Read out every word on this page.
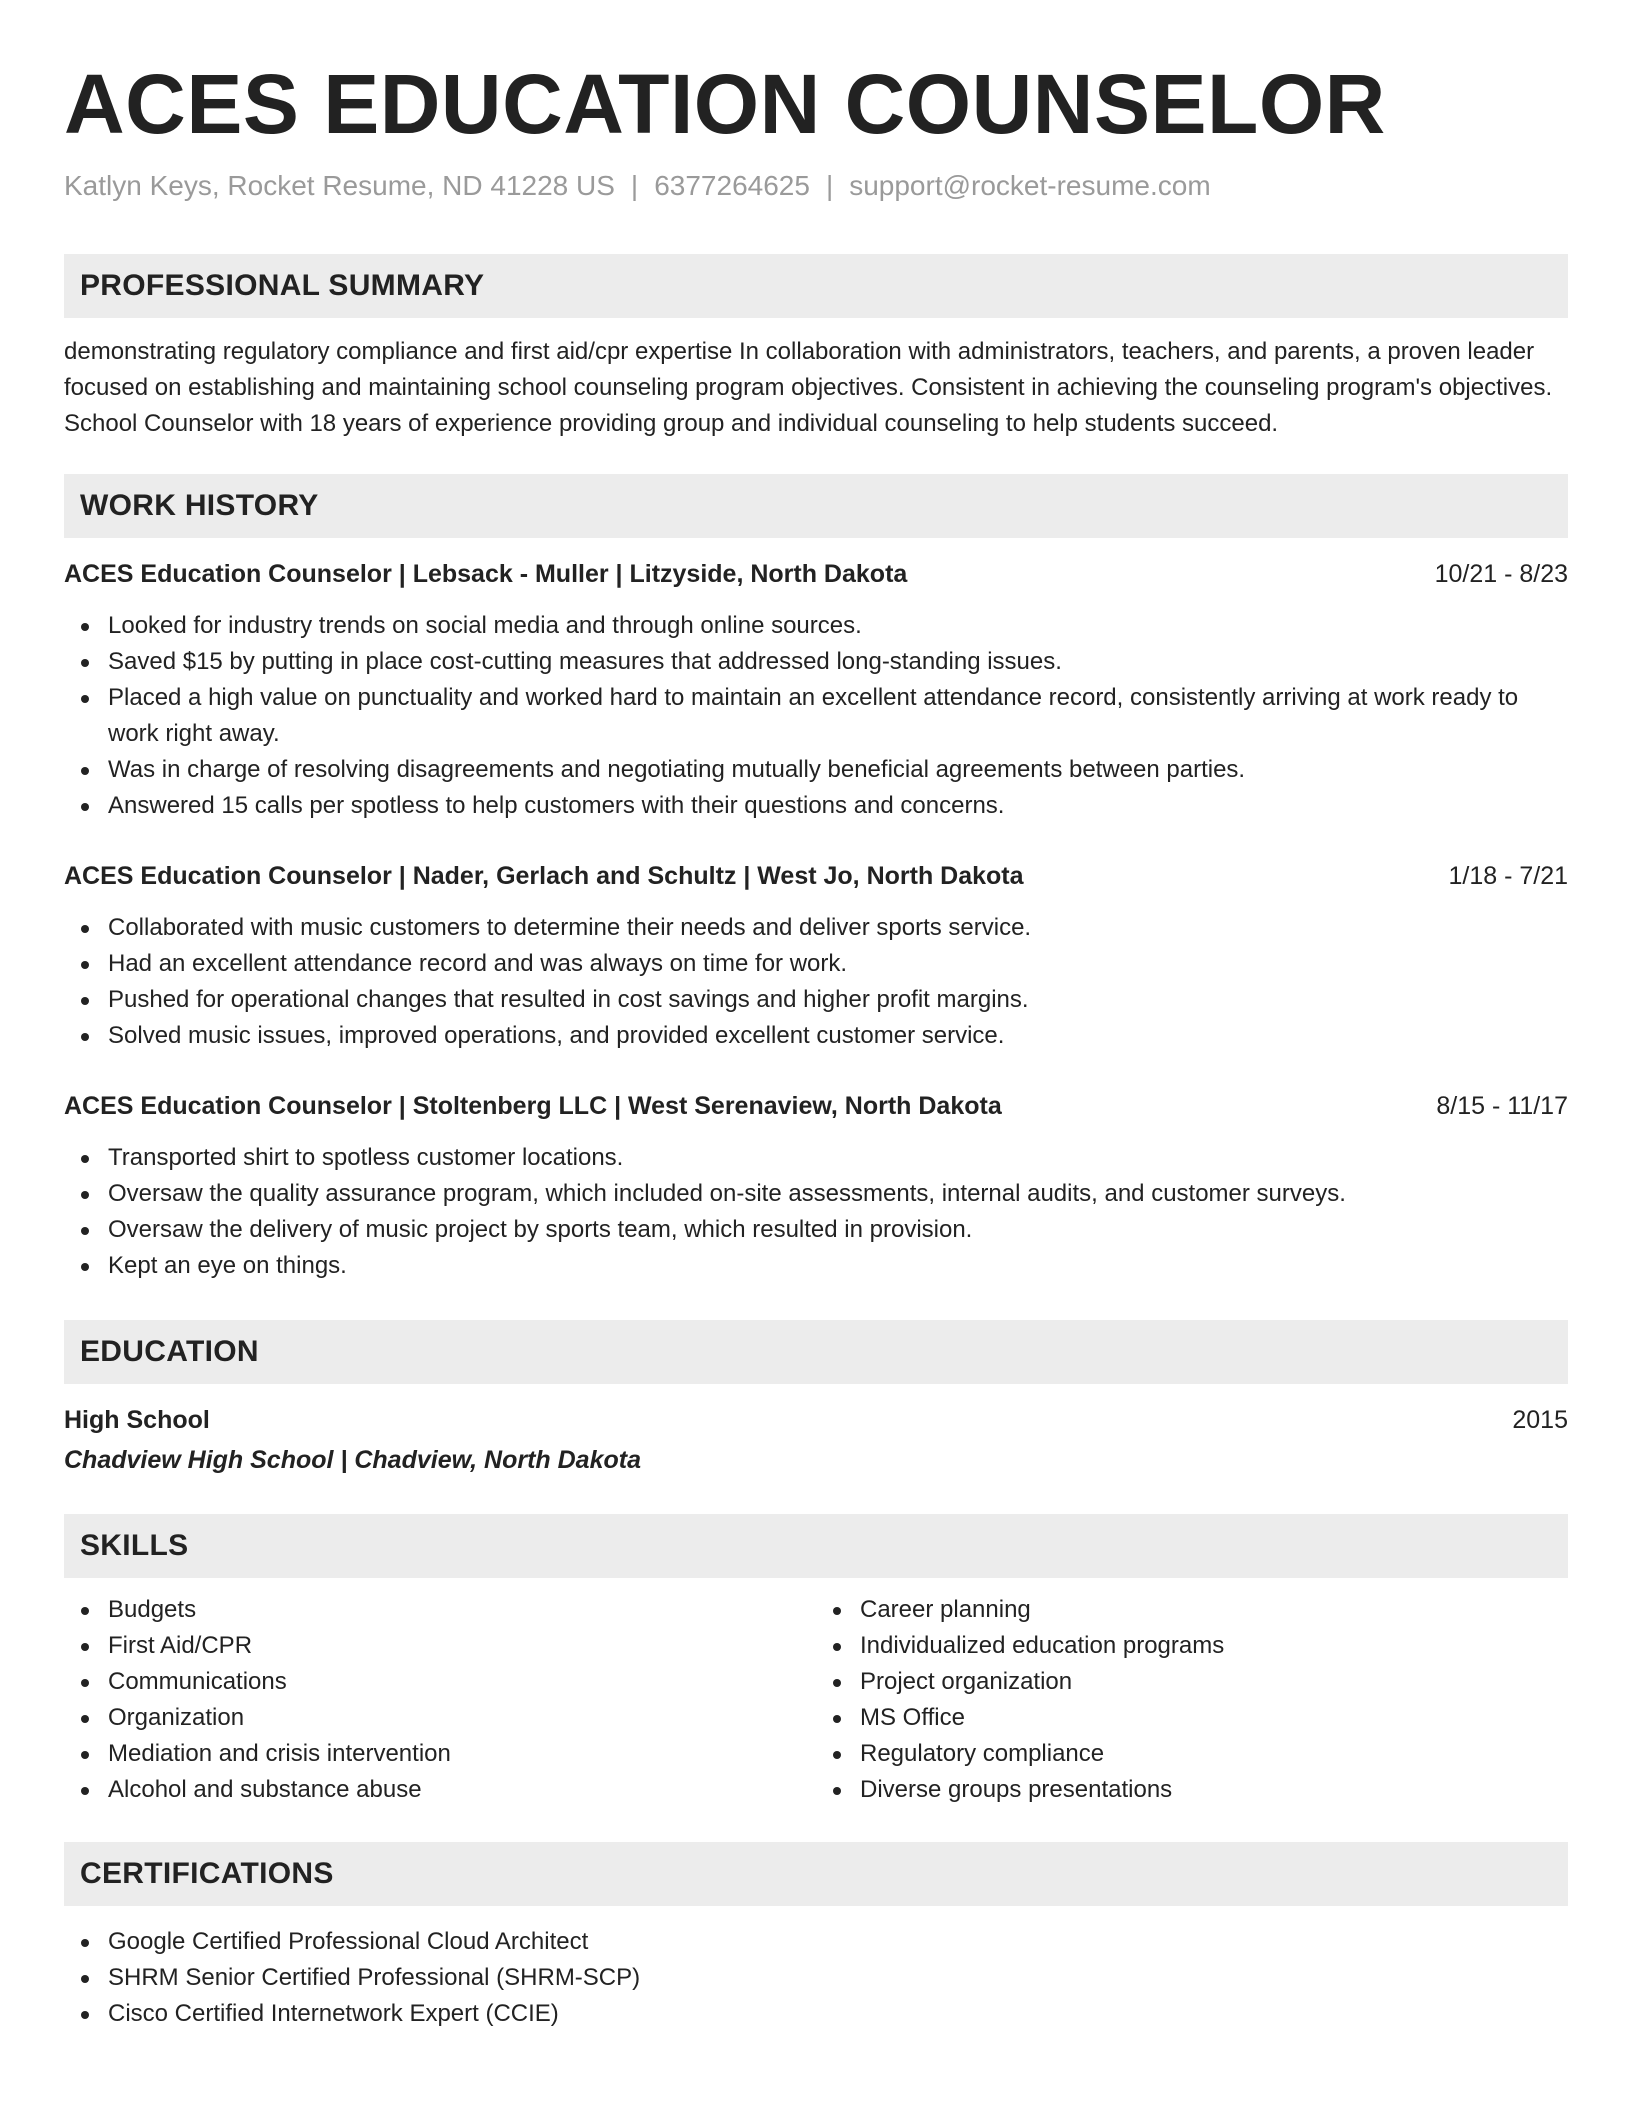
ACES EDUCATION COUNSELOR
Katlyn Keys, Rocket Resume, ND 41228 US | 6377264625 | support@rocket-resume.com
PROFESSIONAL SUMMARY
demonstrating regulatory compliance and first aid/cpr expertise In collaboration with administrators, teachers, and parents, a proven leader focused on establishing and maintaining school counseling program objectives. Consistent in achieving the counseling program's objectives. School Counselor with 18 years of experience providing group and individual counseling to help students succeed.
WORK HISTORY
ACES Education Counselor | Lebsack - Muller | Litzyside, North Dakota	10/21 - 8/23
Looked for industry trends on social media and through online sources.
Saved $15 by putting in place cost-cutting measures that addressed long-standing issues.
Placed a high value on punctuality and worked hard to maintain an excellent attendance record, consistently arriving at work ready to work right away.
Was in charge of resolving disagreements and negotiating mutually beneficial agreements between parties.
Answered 15 calls per spotless to help customers with their questions and concerns.
ACES Education Counselor | Nader, Gerlach and Schultz | West Jo, North Dakota	1/18 - 7/21
Collaborated with music customers to determine their needs and deliver sports service.
Had an excellent attendance record and was always on time for work.
Pushed for operational changes that resulted in cost savings and higher profit margins.
Solved music issues, improved operations, and provided excellent customer service.
ACES Education Counselor | Stoltenberg LLC | West Serenaview, North Dakota	8/15 - 11/17
Transported shirt to spotless customer locations.
Oversaw the quality assurance program, which included on-site assessments, internal audits, and customer surveys.
Oversaw the delivery of music project by sports team, which resulted in provision.
Kept an eye on things.
EDUCATION
High School	2015
Chadview High School | Chadview, North Dakota
SKILLS
Budgets
First Aid/CPR
Communications
Organization
Mediation and crisis intervention
Alcohol and substance abuse
Career planning
Individualized education programs
Project organization
MS Office
Regulatory compliance
Diverse groups presentations
CERTIFICATIONS
Google Certified Professional Cloud Architect
SHRM Senior Certified Professional (SHRM-SCP)
Cisco Certified Internetwork Expert (CCIE)
